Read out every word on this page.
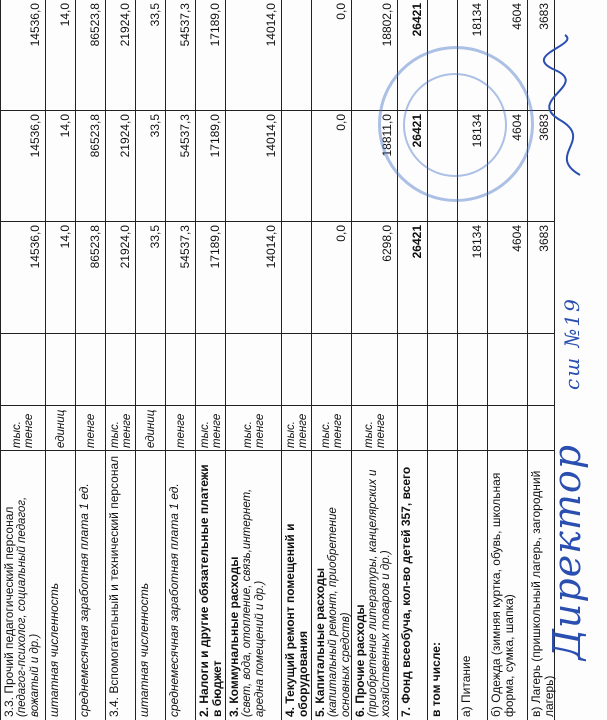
3.3. Прочий педагогический персонал (педагог-психолог, социальный педагог, вожатый и др.)
тыс. тенге
14536,0
14536,0
14536,0
штатная численность
единиц
14,0
14,0
14,0
среднемесячная заработная плата 1 ед.
тенге
86523,8
86523,8
86523,8
3.4. Вспомогательный и технический персонал
тыс. тенге
21924,0
21924,0
21924,0
штатная численность
единиц
33,5
33,5
33,5
среднемесячная заработная плата 1 ед.
тенге
54537,3
54537,3
54537,3
2. Налоги и другие обязательные платежи в бюджет
тыс. тенге
17189,0
17189,0
17189,0
3. Коммунальные расходы (свет, вода, отопление, связь,интернет, аредна помещений и др.)
тыс. тенге
14014,0
14014,0
14014,0
4. Текущий ремонт помещений и оборудования
тыс. тенге
5. Капитальные расходы (капитальный ремонт, приобретение основных средств)
тыс. тенге
0,0
0,0
0,0
6. Прочие расходы (приобретение литературы, канцелярских и хозяйственных товаров и др.)
тыс. тенге
6298,0
18811,0
18802,0
7. Фонд всеобуча, кол-во детей 357, всего
26421
26421
26421
в том числе: а) Питание
18134
18134
18134
б) Одежда (зимняя куртка, обувь, школьная форма, сумка, шапка)
4604
4604
4604
в) Лагерь (пришкольный лагерь, загородний лагерь)
3683
3683
3683
Директор
сш №19
